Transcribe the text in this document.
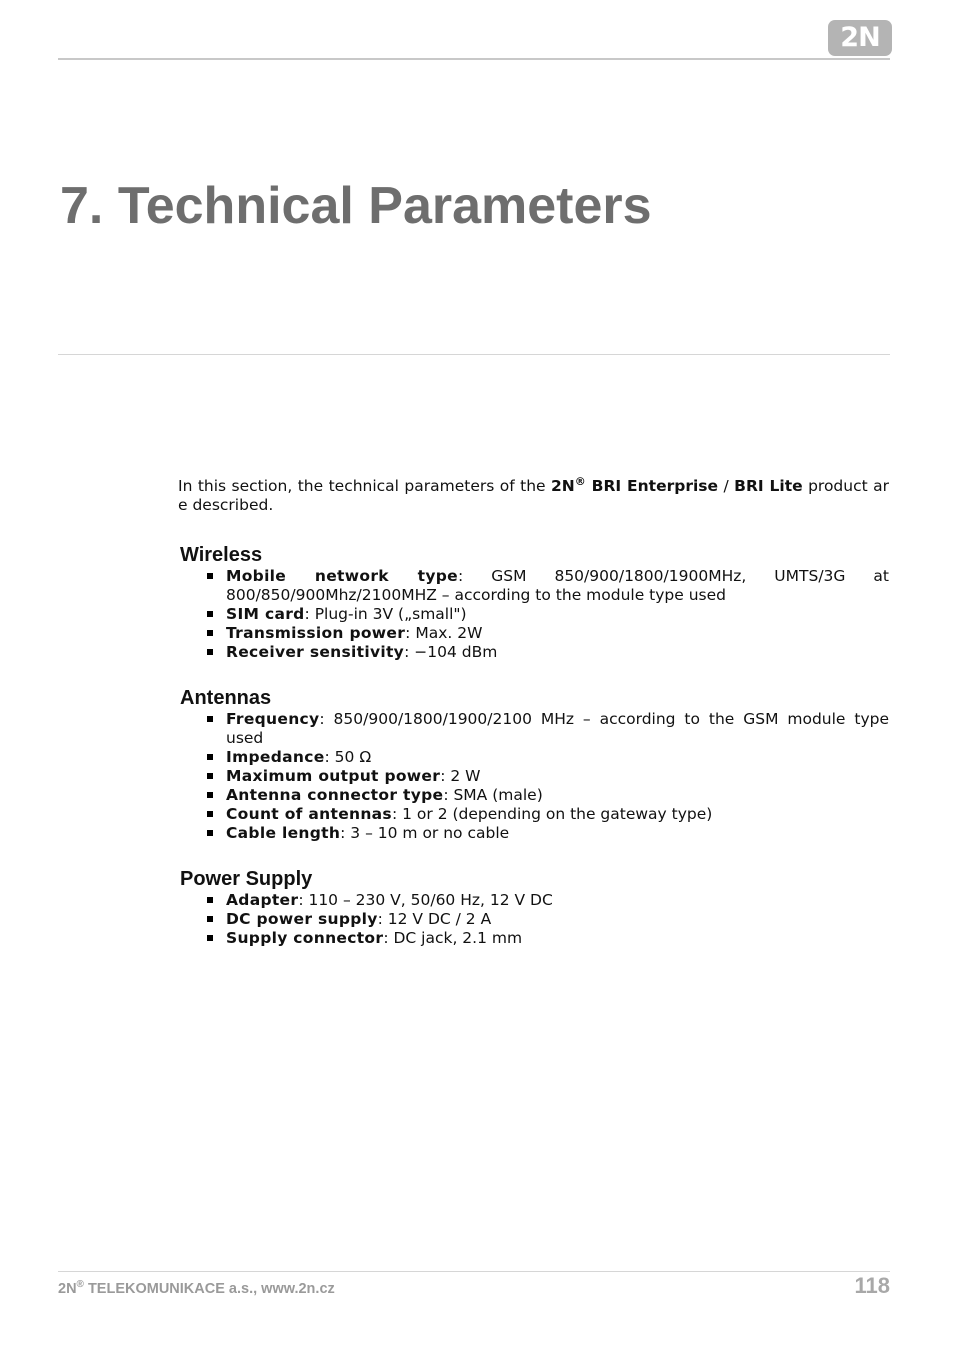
2N
7. Technical Parameters

In this section, the technical parameters of the 2N® BRI Enterprise / BRI Lite product are described.

Wireless
Mobile network type: GSM 850/900/1800/1900MHz, UMTS/3G at 800/850/900Mhz/2100MHZ – according to the module type used
SIM card: Plug-in 3V („small")
Transmission power: Max. 2W
Receiver sensitivity: −104 dBm
Antennas
Frequency: 850/900/1800/1900/2100 MHz – according to the GSM module type used
Impedance: 50 Ω
Maximum output power: 2 W
Antenna connector type: SMA (male)
Count of antennas: 1 or 2 (depending on the gateway type)
Cable length: 3 – 10 m or no cable
Power Supply
Adapter: 110 – 230 V, 50/60 Hz, 12 V DC
DC power supply: 12 V DC / 2 A
Supply connector: DC jack, 2.1 mm
2N® TELEKOMUNIKACE a.s., www.2n.cz	118
